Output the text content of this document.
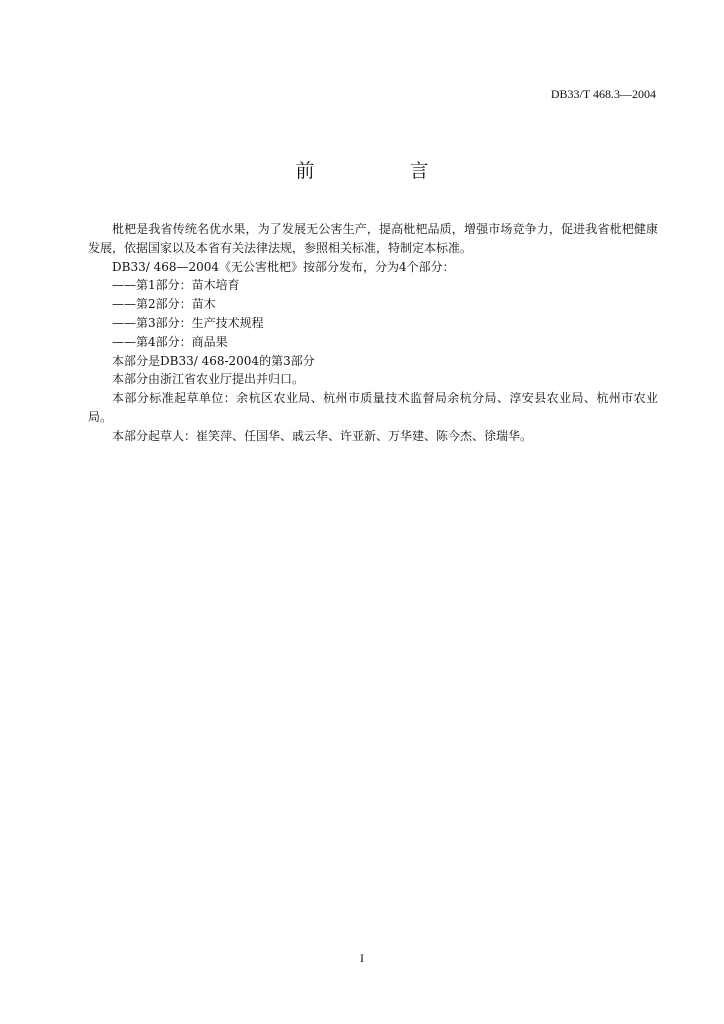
DB33/T 468.3—2004
前　言

枇杷是我省传统名优水果，为了发展无公害生产，提高枇杷品质，增强市场竞争力，促进我省枇杷健康发展，依据国家以及本省有关法律法规，参照相关标准，特制定本标准。

DB33/ 468—2004《无公害枇杷》按部分发布，分为4个部分：

——第1部分：苗木培育

——第2部分：苗木

——第3部分：生产技术规程

——第4部分：商品果

本部分是DB33/ 468-2004的第3部分

本部分由浙江省农业厅提出并归口。

本部分标准起草单位：余杭区农业局、杭州市质量技术监督局余杭分局、淳安县农业局、杭州市农业局。

本部分起草人：崔笑萍、任国华、戚云华、许亚新、万华建、陈今杰、徐瑞华。

I
